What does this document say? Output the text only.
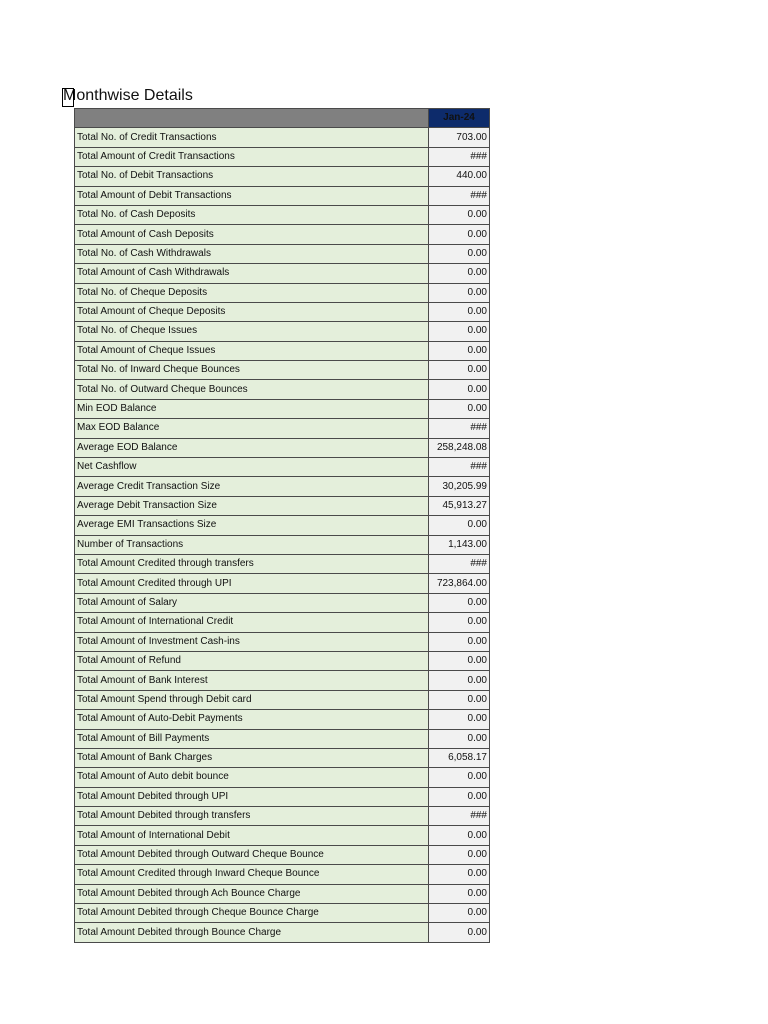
Monthwise Details
	Jan-24
Total No. of Credit Transactions	703.00
Total Amount of Credit Transactions	###
Total No. of Debit Transactions	440.00
Total Amount of Debit Transactions	###
Total No. of Cash Deposits	0.00
Total Amount of Cash Deposits	0.00
Total No. of Cash Withdrawals	0.00
Total Amount of Cash Withdrawals	0.00
Total No. of Cheque Deposits	0.00
Total Amount of Cheque Deposits	0.00
Total No. of Cheque Issues	0.00
Total Amount of Cheque Issues	0.00
Total No. of Inward Cheque Bounces	0.00
Total No. of Outward Cheque Bounces	0.00
Min EOD Balance	0.00
Max EOD Balance	###
Average EOD Balance	258,248.08
Net Cashflow	###
Average Credit Transaction Size	30,205.99
Average Debit Transaction Size	45,913.27
Average EMI Transactions Size	0.00
Number of Transactions	1,143.00
Total Amount Credited through transfers	###
Total Amount Credited through UPI	723,864.00
Total Amount of Salary	0.00
Total Amount of International Credit	0.00
Total Amount of Investment Cash-ins	0.00
Total Amount of Refund	0.00
Total Amount of Bank Interest	0.00
Total Amount Spend through Debit card	0.00
Total Amount of Auto-Debit Payments	0.00
Total Amount of Bill Payments	0.00
Total Amount of Bank Charges	6,058.17
Total Amount of Auto debit bounce	0.00
Total Amount Debited through UPI	0.00
Total Amount Debited through transfers	###
Total Amount of International Debit	0.00
Total Amount Debited through Outward Cheque Bounce	0.00
Total Amount Credited through Inward Cheque Bounce	0.00
Total Amount Debited through Ach Bounce Charge	0.00
Total Amount Debited through Cheque Bounce Charge	0.00
Total Amount Debited through Bounce Charge	0.00
